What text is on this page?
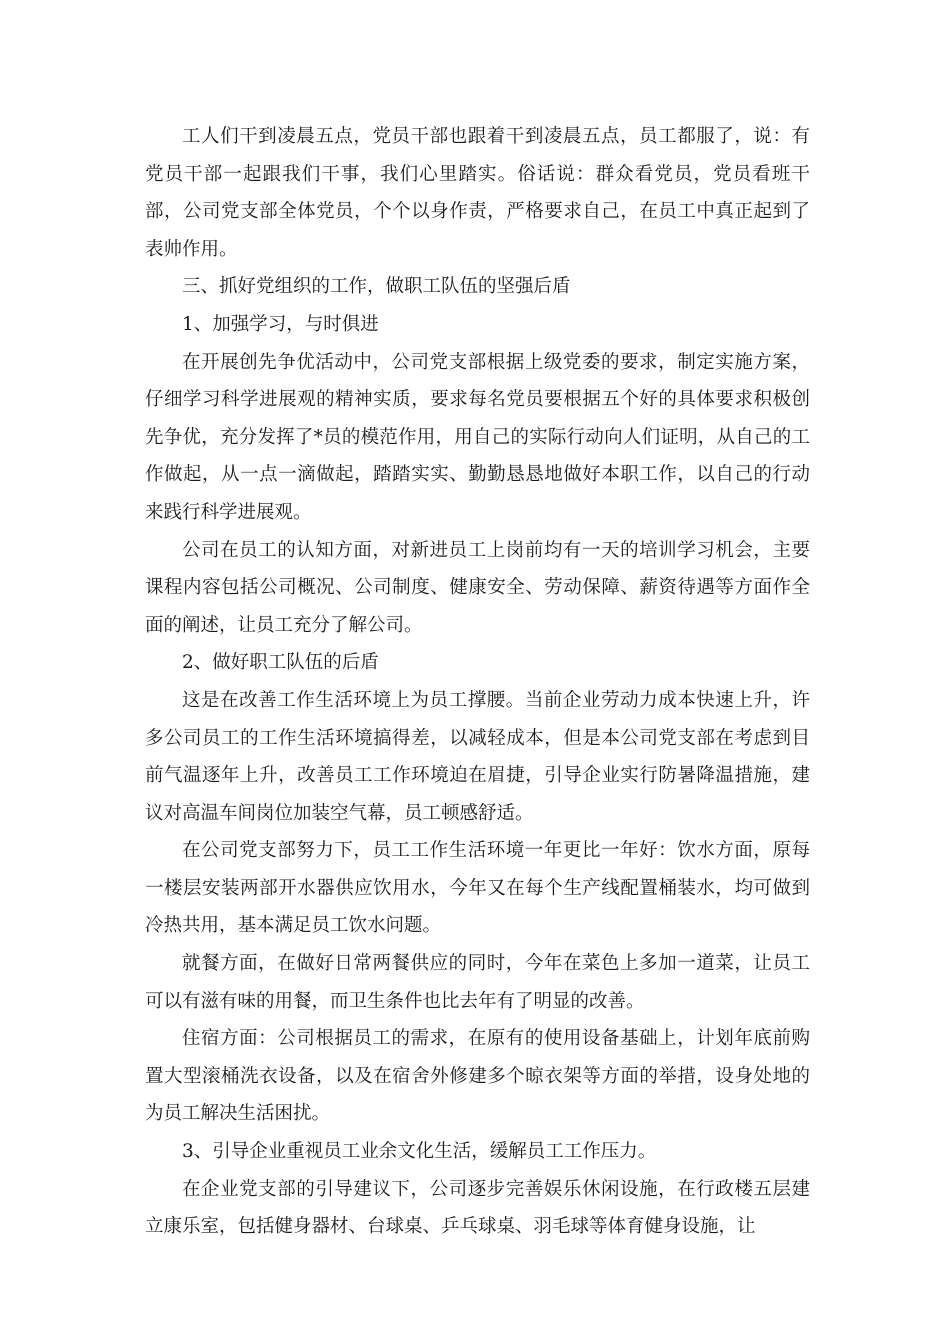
工人们干到凌晨五点，党员干部也跟着干到凌晨五点，员工都服了，说：有党员干部一起跟我们干事，我们心里踏实。俗话说：群众看党员，党员看班干部，公司党支部全体党员，个个以身作责，严格要求自己，在员工中真正起到了表帅作用。

三、抓好党组织的工作，做职工队伍的坚强后盾

1、加强学习，与时俱进

在开展创先争优活动中，公司党支部根据上级党委的要求，制定实施方案，仔细学习科学进展观的精神实质，要求每名党员要根据五个好的具体要求积极创先争优，充分发挥了*员的模范作用，用自己的实际行动向人们证明，从自己的工作做起，从一点一滴做起，踏踏实实、勤勤恳恳地做好本职工作，以自己的行动来践行科学进展观。

公司在员工的认知方面，对新进员工上岗前均有一天的培训学习机会，主要课程内容包括公司概况、公司制度、健康安全、劳动保障、薪资待遇等方面作全面的阐述，让员工充分了解公司。

2、做好职工队伍的后盾

这是在改善工作生活环境上为员工撑腰。当前企业劳动力成本快速上升，许多公司员工的工作生活环境搞得差，以减轻成本，但是本公司党支部在考虑到目前气温逐年上升，改善员工工作环境迫在眉捷，引导企业实行防暑降温措施，建议对高温车间岗位加装空气幕，员工顿感舒适。

在公司党支部努力下，员工工作生活环境一年更比一年好：饮水方面，原每一楼层安装两部开水器供应饮用水，今年又在每个生产线配置桶装水，均可做到冷热共用，基本满足员工饮水问题。

就餐方面，在做好日常两餐供应的同时，今年在菜色上多加一道菜，让员工可以有滋有味的用餐，而卫生条件也比去年有了明显的改善。

住宿方面：公司根据员工的需求，在原有的使用设备基础上，计划年底前购置大型滚桶洗衣设备，以及在宿舍外修建多个晾衣架等方面的举措，设身处地的为员工解决生活困扰。

3、引导企业重视员工业余文化生活，缓解员工工作压力。

在企业党支部的引导建议下，公司逐步完善娱乐休闲设施，在行政楼五层建立康乐室，包括健身器材、台球桌、乒乓球桌、羽毛球等体育健身设施，让
